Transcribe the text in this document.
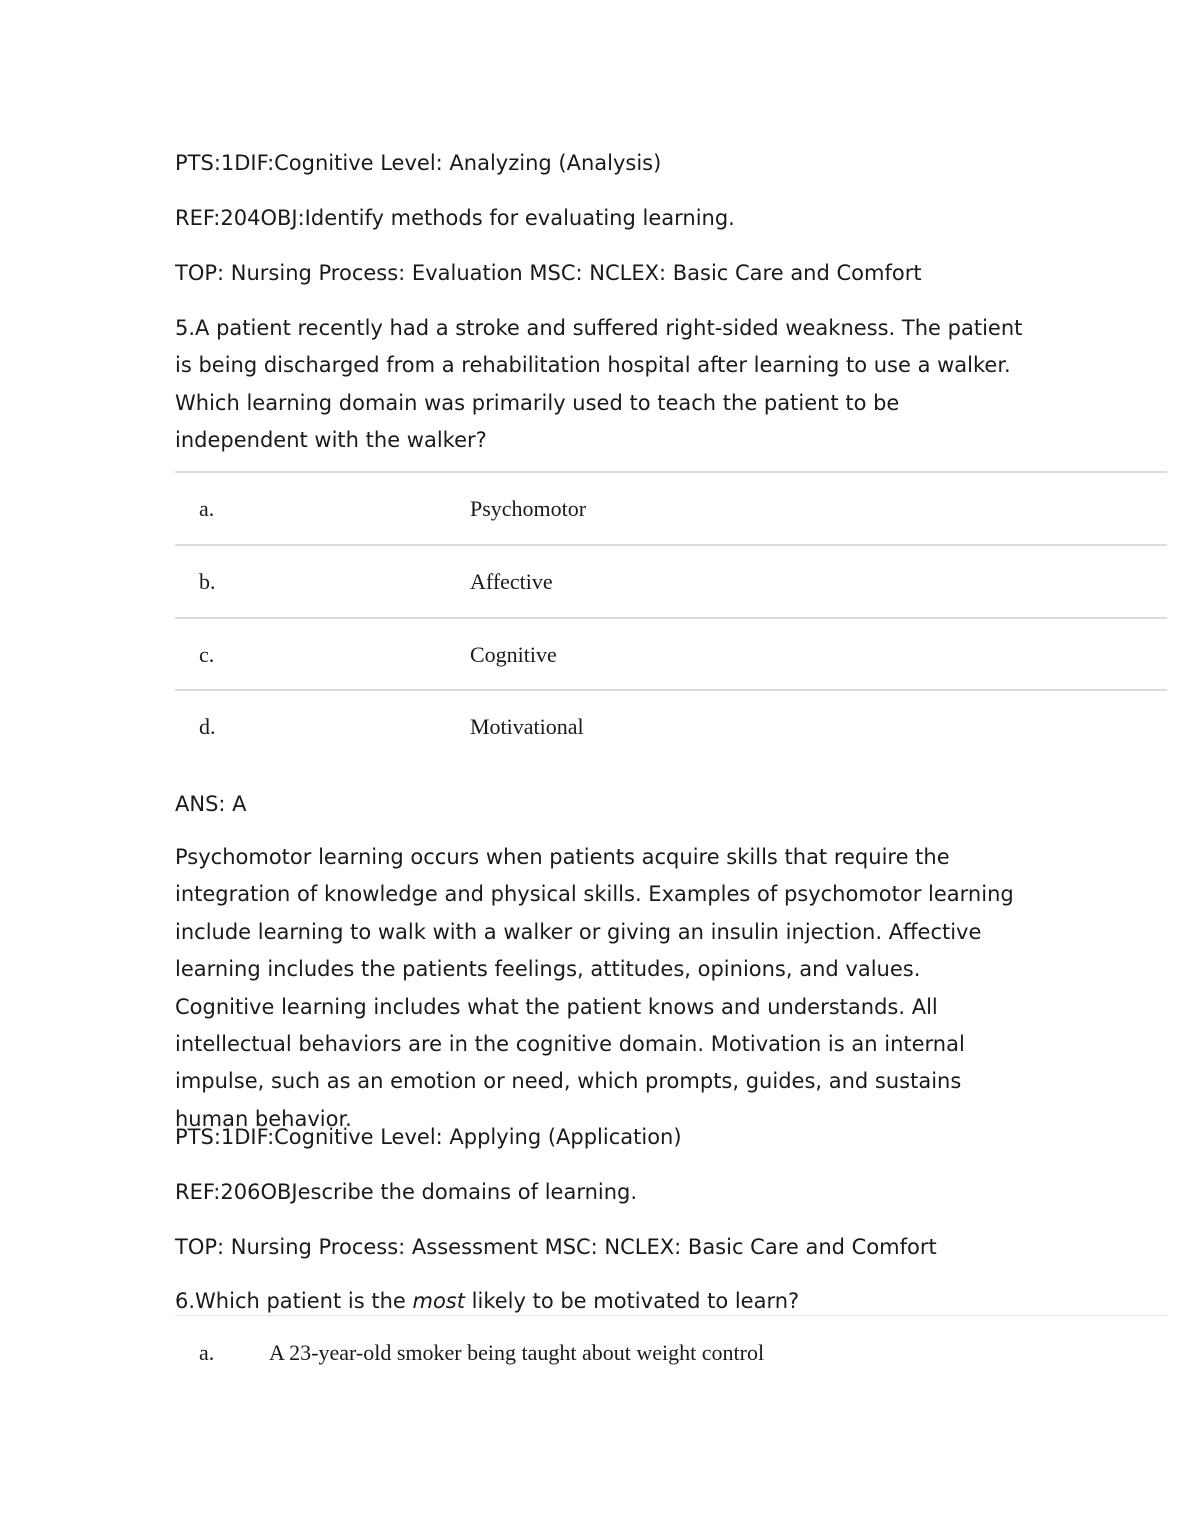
PTS:1DIF:Cognitive Level: Analyzing (Analysis)
REF:204OBJ:Identify methods for evaluating learning.
TOP: Nursing Process: Evaluation MSC: NCLEX: Basic Care and Comfort
5.A patient recently had a stroke and suffered right-sided weakness. The patient is being discharged from a rehabilitation hospital after learning to use a walker. Which learning domain was primarily used to teach the patient to be independent with the walker?
a.	Psychomotor
b.	Affective
c.	Cognitive
d.	Motivational
ANS: A
Psychomotor learning occurs when patients acquire skills that require the integration of knowledge and physical skills. Examples of psychomotor learning include learning to walk with a walker or giving an insulin injection. Affective learning includes the patients feelings, attitudes, opinions, and values. Cognitive learning includes what the patient knows and understands. All intellectual behaviors are in the cognitive domain. Motivation is an internal impulse, such as an emotion or need, which prompts, guides, and sustains human behavior.
PTS:1DIF:Cognitive Level: Applying (Application)
REF:206OBJescribe the domains of learning.
TOP: Nursing Process: Assessment MSC: NCLEX: Basic Care and Comfort
6.Which patient is the most likely to be motivated to learn?
a. A 23-year-old smoker being taught about weight control
